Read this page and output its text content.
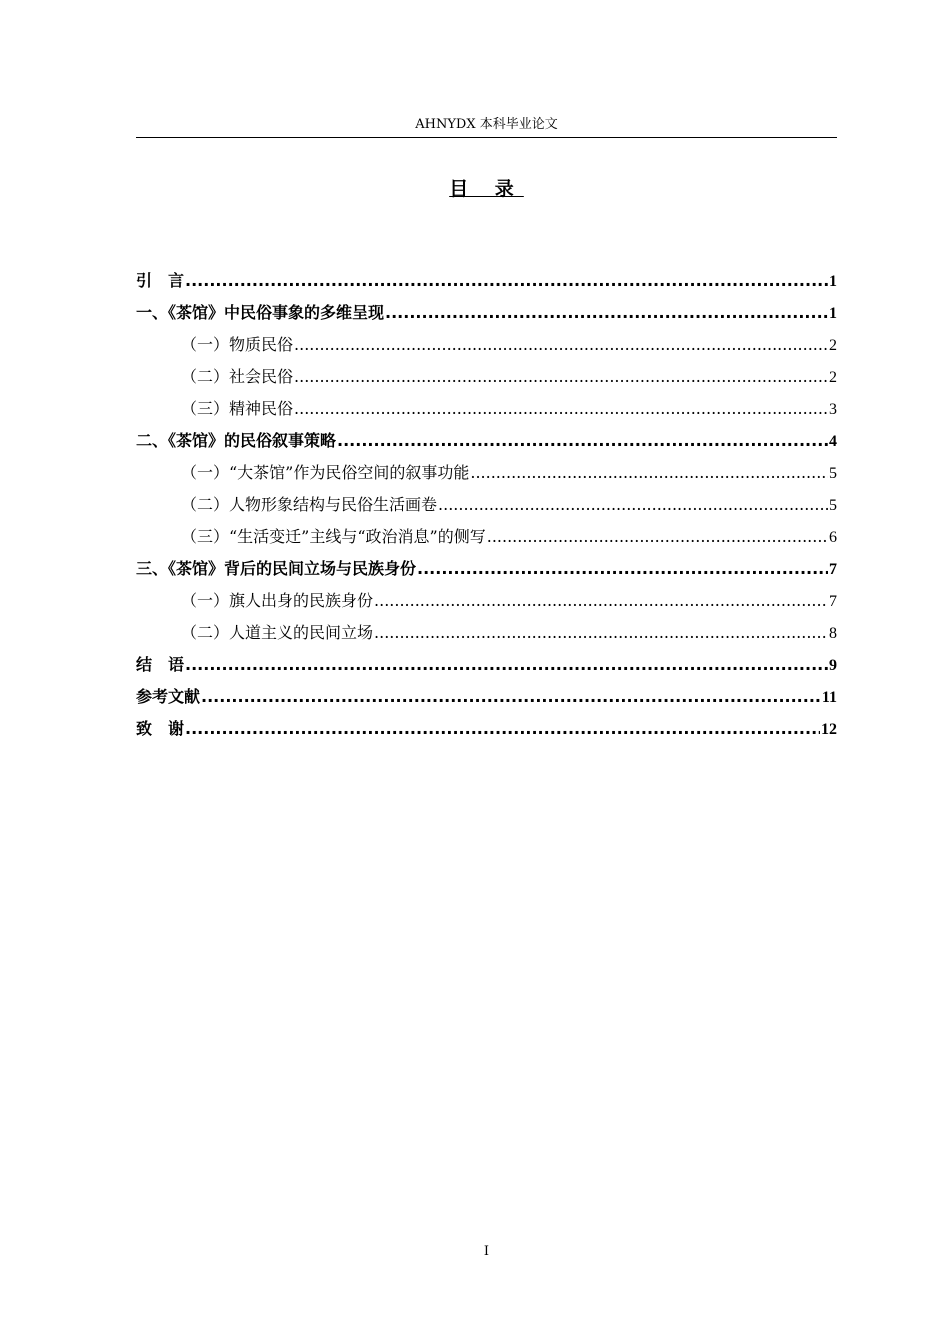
AHNYDX 本科毕业论文
目 录
引　言 .....	1
一、《茶馆》中民俗事象的多维呈现 .....	1
（一）物质民俗 .....	2
（二）社会民俗 .....	2
（三）精神民俗 .....	3
二、《茶馆》的民俗叙事策略 .....	4
（一）“大茶馆”作为民俗空间的叙事功能 .....	5
（二）人物形象结构与民俗生活画卷 .....	5
（三）“生活变迁”主线与“政治消息”的侧写 .....	6
三、《茶馆》背后的民间立场与民族身份 .....	7
（一）旗人出身的民族身份 .....	7
（二）人道主义的民间立场 .....	8
结　语 .....	9
参考文献 .....	11
致　谢 .....	12
I
